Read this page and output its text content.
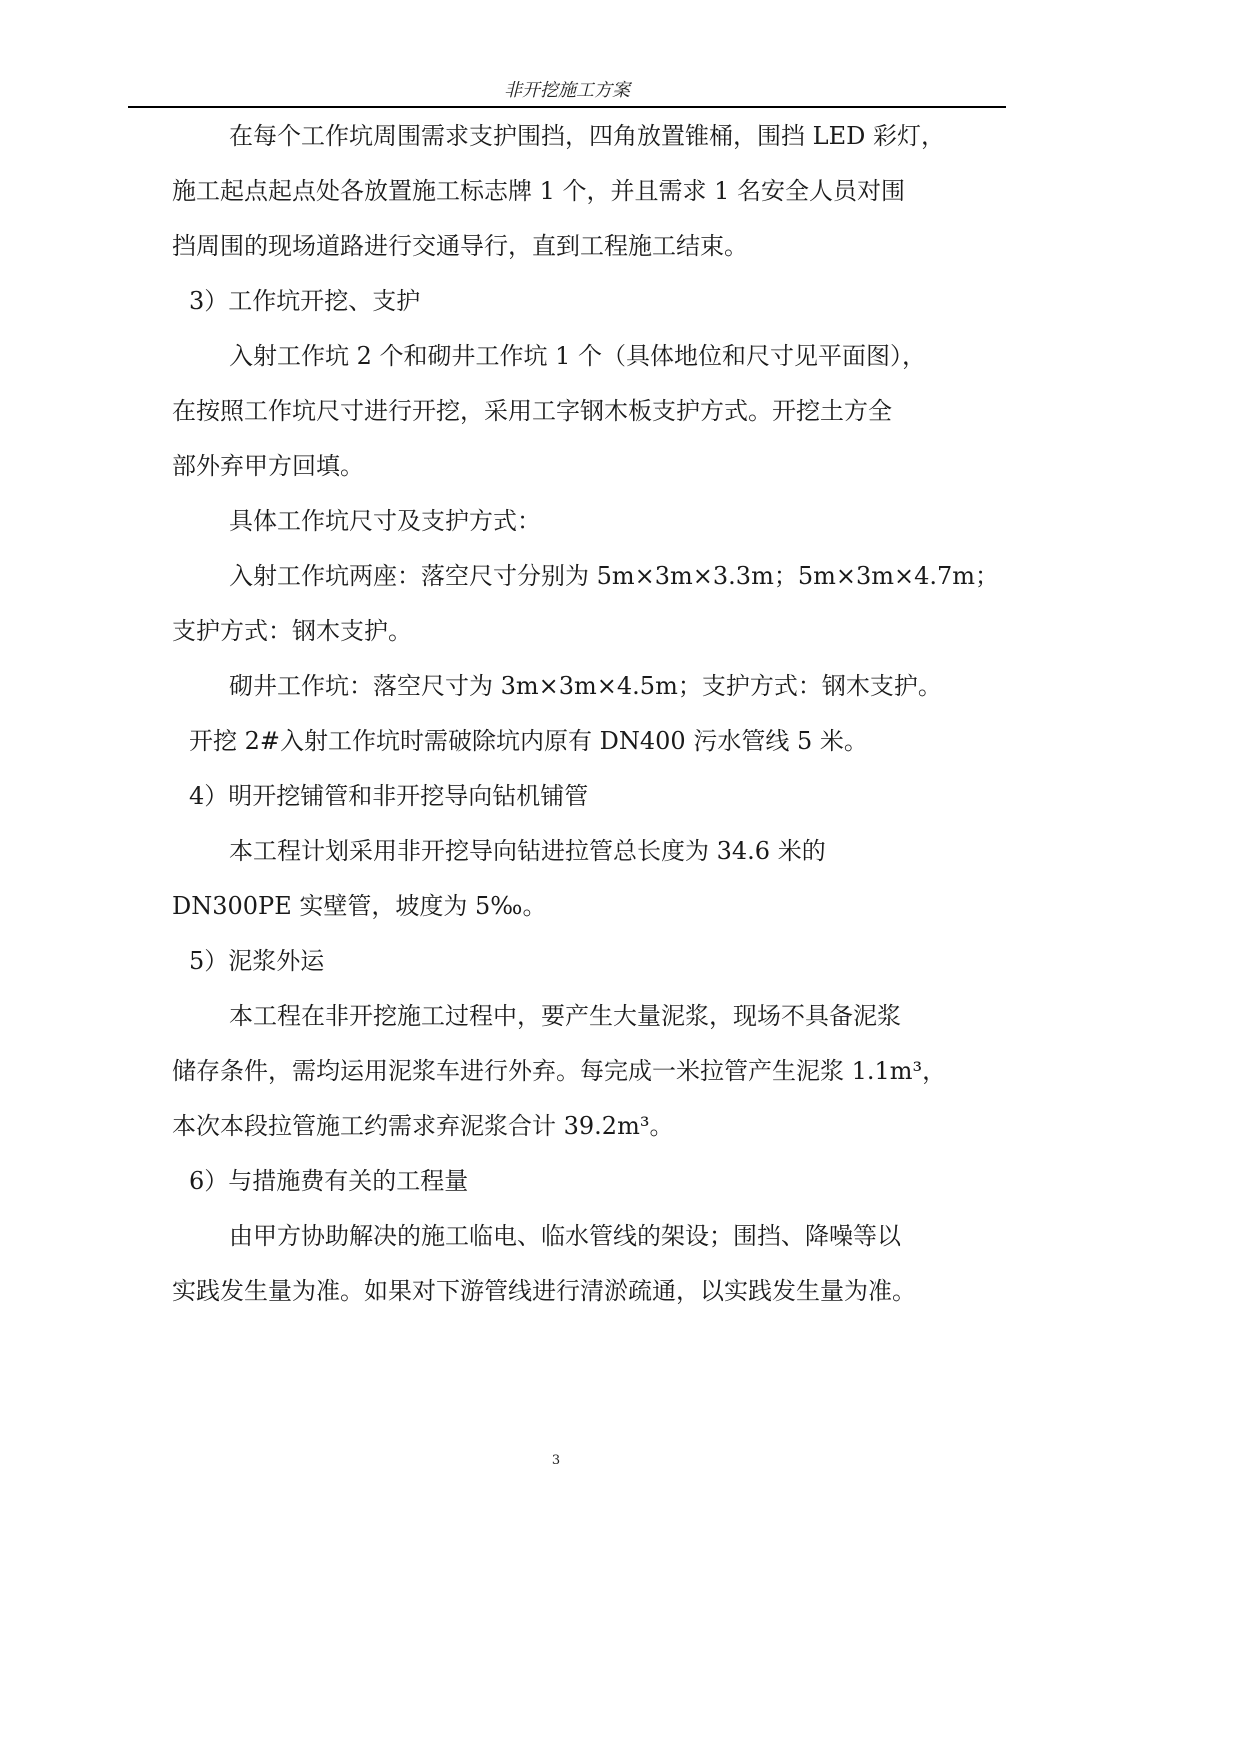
非开挖施工方案
在每个工作坑周围需求支护围挡，四角放置锥桶，围挡 LED 彩灯，
施工起点起点处各放置施工标志牌 1 个，并且需求 1 名安全人员对围
挡周围的现场道路进行交通导行，直到工程施工结束。
3）工作坑开挖、支护
入射工作坑 2 个和砌井工作坑 1 个（具体地位和尺寸见平面图），
在按照工作坑尺寸进行开挖，采用工字钢木板支护方式。开挖土方全
部外弃甲方回填。
具体工作坑尺寸及支护方式：
入射工作坑两座：落空尺寸分别为 5m×3m×3.3m；5m×3m×4.7m；
支护方式：钢木支护。
砌井工作坑：落空尺寸为 3m×3m×4.5m；支护方式：钢木支护。
开挖 2#入射工作坑时需破除坑内原有 DN400 污水管线 5 米。
4）明开挖铺管和非开挖导向钻机铺管
本工程计划采用非开挖导向钻进拉管总长度为 34.6 米的
DN300PE 实壁管，坡度为 5‰。
5）泥浆外运
本工程在非开挖施工过程中，要产生大量泥浆，现场不具备泥浆
储存条件，需均运用泥浆车进行外弃。每完成一米拉管产生泥浆 1.1m³，
本次本段拉管施工约需求弃泥浆合计 39.2m³。
6）与措施费有关的工程量
由甲方协助解决的施工临电、临水管线的架设；围挡、降噪等以
实践发生量为准。如果对下游管线进行清淤疏通，以实践发生量为准。
3
